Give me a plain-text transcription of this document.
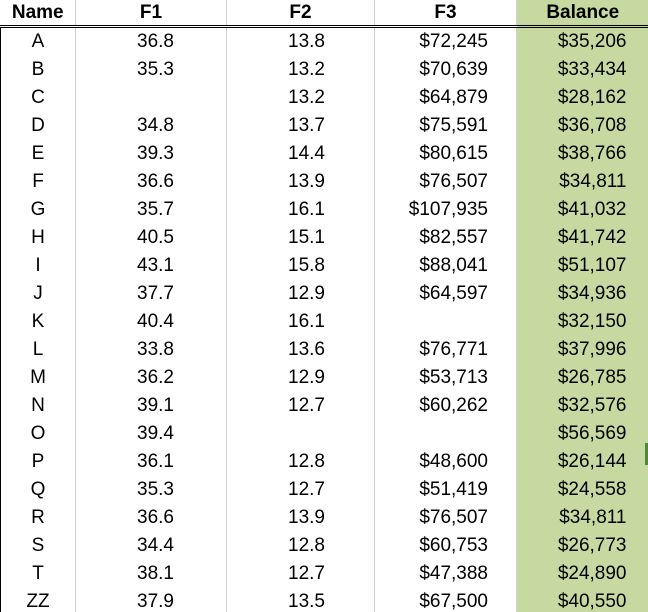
Name	F1	F2	F3	Balance
A	36.8	13.8	$72,245	$35,206
B	35.3	13.2	$70,639	$33,434
C		13.2	$64,879	$28,162
D	34.8	13.7	$75,591	$36,708
E	39.3	14.4	$80,615	$38,766
F	36.6	13.9	$76,507	$34,811
G	35.7	16.1	$107,935	$41,032
H	40.5	15.1	$82,557	$41,742
I	43.1	15.8	$88,041	$51,107
J	37.7	12.9	$64,597	$34,936
K	40.4	16.1		$32,150
L	33.8	13.6	$76,771	$37,996
M	36.2	12.9	$53,713	$26,785
N	39.1	12.7	$60,262	$32,576
O	39.4			$56,569
P	36.1	12.8	$48,600	$26,144
Q	35.3	12.7	$51,419	$24,558
R	36.6	13.9	$76,507	$34,811
S	34.4	12.8	$60,753	$26,773
T	38.1	12.7	$47,388	$24,890
ZZ	37.9	13.5	$67,500	$40,550
